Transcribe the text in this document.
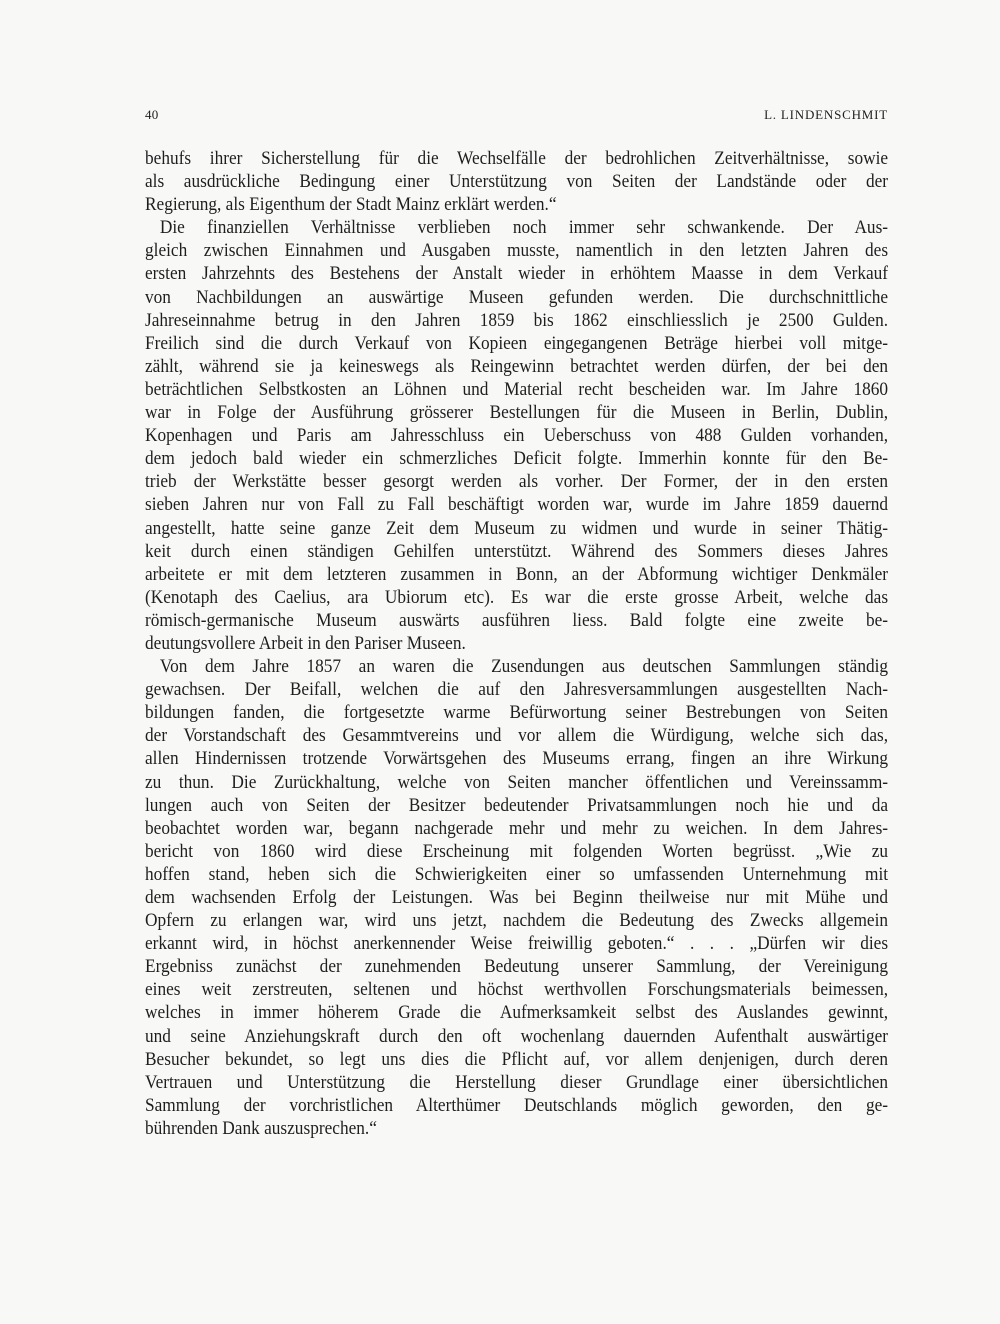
40	L. LINDENSCHMIT
behufs ihrer Sicherstellung für die Wechselfälle der bedrohlichen Zeitverhältnisse, sowie
als ausdrückliche Bedingung einer Unterstützung von Seiten der Landstände oder der
Regierung, als Eigenthum der Stadt Mainz erklärt werden.“
Die finanziellen Verhältnisse verblieben noch immer sehr schwankende. Der Aus-
gleich zwischen Einnahmen und Ausgaben musste, namentlich in den letzten Jahren des
ersten Jahrzehnts des Bestehens der Anstalt wieder in erhöhtem Maasse in dem Verkauf
von Nachbildungen an auswärtige Museen gefunden werden. Die durchschnittliche
Jahreseinnahme betrug in den Jahren 1859 bis 1862 einschliesslich je 2500 Gulden.
Freilich sind die durch Verkauf von Kopieen eingegangenen Beträge hierbei voll mitge-
zählt, während sie ja keineswegs als Reingewinn betrachtet werden dürfen, der bei den
beträchtlichen Selbstkosten an Löhnen und Material recht bescheiden war. Im Jahre 1860
war in Folge der Ausführung grösserer Bestellungen für die Museen in Berlin, Dublin,
Kopenhagen und Paris am Jahresschluss ein Ueberschuss von 488 Gulden vorhanden,
dem jedoch bald wieder ein schmerzliches Deficit folgte. Immerhin konnte für den Be-
trieb der Werkstätte besser gesorgt werden als vorher. Der Former, der in den ersten
sieben Jahren nur von Fall zu Fall beschäftigt worden war, wurde im Jahre 1859 dauernd
angestellt, hatte seine ganze Zeit dem Museum zu widmen und wurde in seiner Thätig-
keit durch einen ständigen Gehilfen unterstützt. Während des Sommers dieses Jahres
arbeitete er mit dem letzteren zusammen in Bonn, an der Abformung wichtiger Denkmäler
(Kenotaph des Caelius, ara Ubiorum etc). Es war die erste grosse Arbeit, welche das
römisch-germanische Museum auswärts ausführen liess. Bald folgte eine zweite be-
deutungsvollere Arbeit in den Pariser Museen.
Von dem Jahre 1857 an waren die Zusendungen aus deutschen Sammlungen ständig
gewachsen. Der Beifall, welchen die auf den Jahresversammlungen ausgestellten Nach-
bildungen fanden, die fortgesetzte warme Befürwortung seiner Bestrebungen von Seiten
der Vorstandschaft des Gesammtvereins und vor allem die Würdigung, welche sich das,
allen Hindernissen trotzende Vorwärtsgehen des Museums errang, fingen an ihre Wirkung
zu thun. Die Zurückhaltung, welche von Seiten mancher öffentlichen und Vereinssamm-
lungen auch von Seiten der Besitzer bedeutender Privatsammlungen noch hie und da
beobachtet worden war, begann nachgerade mehr und mehr zu weichen. In dem Jahres-
bericht von 1860 wird diese Erscheinung mit folgenden Worten begrüsst. „Wie zu
hoffen stand, heben sich die Schwierigkeiten einer so umfassenden Unternehmung mit
dem wachsenden Erfolg der Leistungen. Was bei Beginn theilweise nur mit Mühe und
Opfern zu erlangen war, wird uns jetzt, nachdem die Bedeutung des Zwecks allgemein
erkannt wird, in höchst anerkennender Weise freiwillig geboten.“ . . . „Dürfen wir dies
Ergebniss zunächst der zunehmenden Bedeutung unserer Sammlung, der Vereinigung
eines weit zerstreuten, seltenen und höchst werthvollen Forschungsmaterials beimessen,
welches in immer höherem Grade die Aufmerksamkeit selbst des Auslandes gewinnt,
und seine Anziehungskraft durch den oft wochenlang dauernden Aufenthalt auswärtiger
Besucher bekundet, so legt uns dies die Pflicht auf, vor allem denjenigen, durch deren
Vertrauen und Unterstützung die Herstellung dieser Grundlage einer übersichtlichen
Sammlung der vorchristlichen Alterthümer Deutschlands möglich geworden, den ge-
bührenden Dank auszusprechen.“
